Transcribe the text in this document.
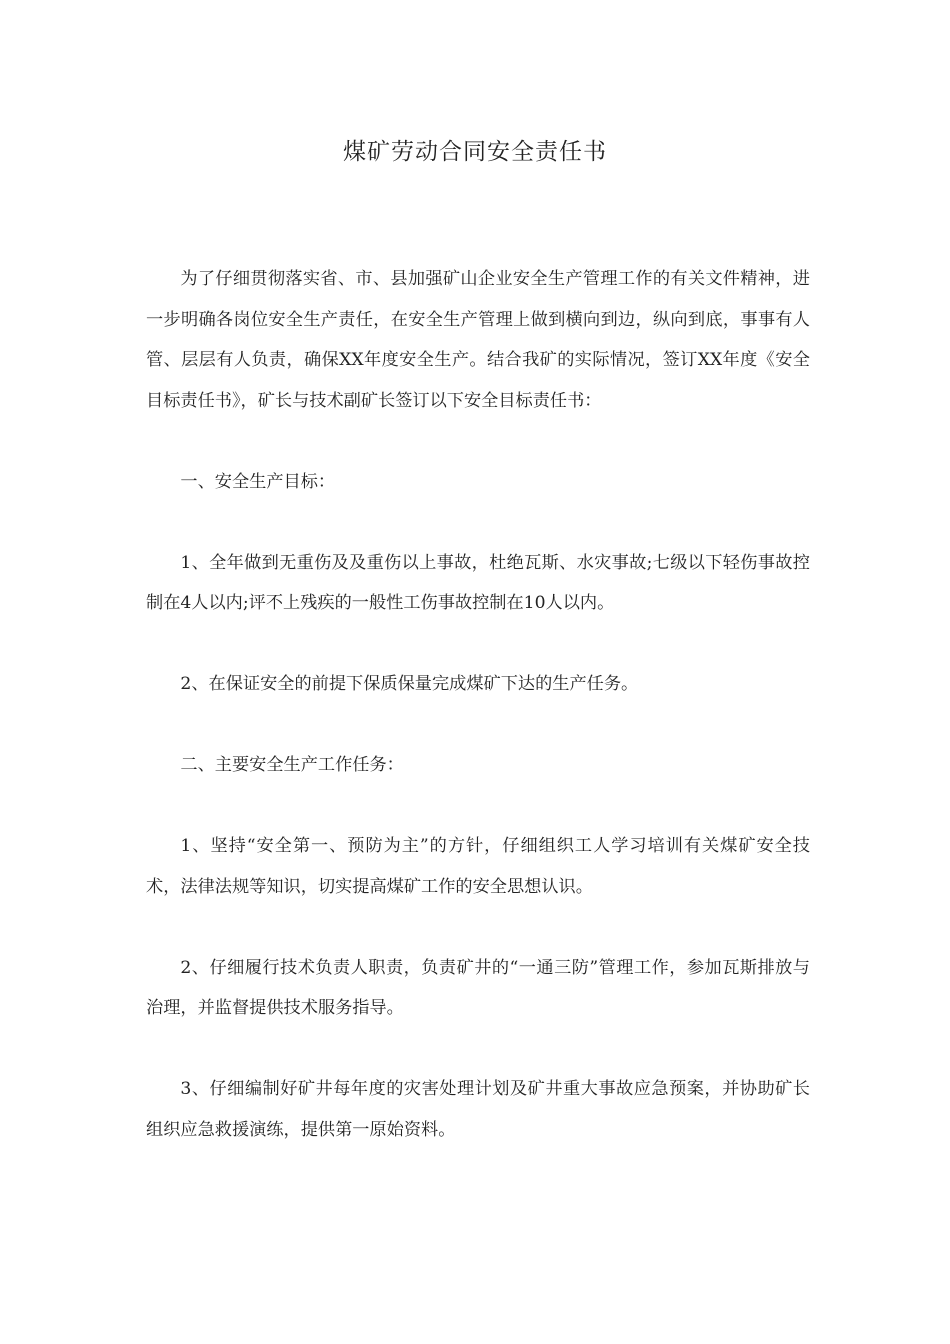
煤矿劳动合同安全责任书

为了仔细贯彻落实省、市、县加强矿山企业安全生产管理工作的有关文件精神，进一步明确各岗位安全生产责任，在安全生产管理上做到横向到边，纵向到底，事事有人管、层层有人负责，确保XX年度安全生产。结合我矿的实际情况，签订XX年度《安全目标责任书》，矿长与技术副矿长签订以下安全目标责任书：

一、安全生产目标：

1、全年做到无重伤及及重伤以上事故，杜绝瓦斯、水灾事故;七级以下轻伤事故控制在4人以内;评不上残疾的一般性工伤事故控制在10人以内。

2、在保证安全的前提下保质保量完成煤矿下达的生产任务。

二、主要安全生产工作任务：

1、坚持“安全第一、预防为主”的方针，仔细组织工人学习培训有关煤矿安全技术，法律法规等知识，切实提高煤矿工作的安全思想认识。

2、仔细履行技术负责人职责，负责矿井的“一通三防”管理工作，参加瓦斯排放与治理，并监督提供技术服务指导。

3、仔细编制好矿井每年度的灾害处理计划及矿井重大事故应急预案，并协助矿长组织应急救援演练，提供第一原始资料。
